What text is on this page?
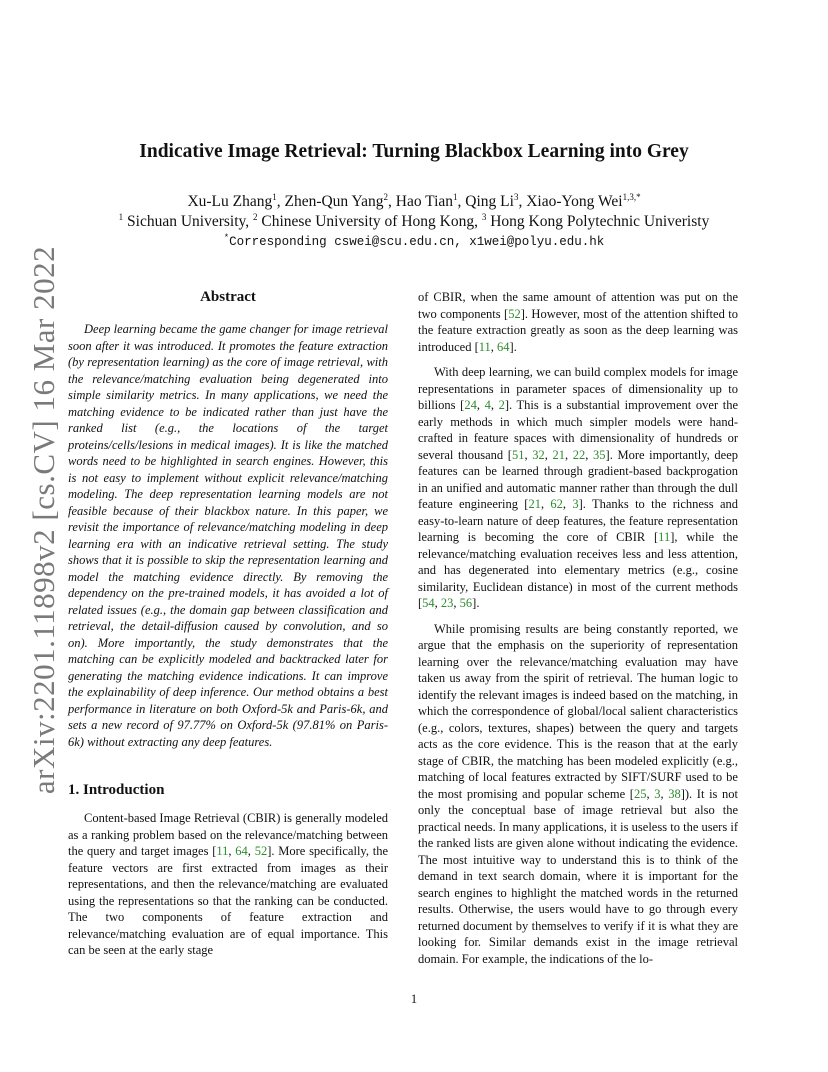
arXiv:2201.11898v2 [cs.CV] 16 Mar 2022
Indicative Image Retrieval: Turning Blackbox Learning into Grey
Xu-Lu Zhang$^1$, Zhen-Qun Yang$^2$, Hao Tian$^1$, Qing Li$^3$, Xiao-Yong Wei$^{1,3,*}$
$^1$ Sichuan University, $^2$ Chinese University of Hong Kong, $^3$ Hong Kong Polytechnic Univeristy
*Corresponding cswei@scu.edu.cn, x1wei@polyu.edu.hk
Abstract

Deep learning became the game changer for image retrieval soon after it was introduced. It promotes the feature extraction (by representation learning) as the core of image retrieval, with the relevance/matching evaluation being degenerated into simple similarity metrics. In many applications, we need the matching evidence to be indicated rather than just have the ranked list (e.g., the locations of the target proteins/cells/lesions in medical images). It is like the matched words need to be highlighted in search engines. However, this is not easy to implement without explicit relevance/matching modeling. The deep representation learning models are not feasible because of their blackbox nature. In this paper, we revisit the importance of relevance/matching modeling in deep learning era with an indicative retrieval setting. The study shows that it is possible to skip the representation learning and model the matching evidence directly. By removing the dependency on the pre-trained models, it has avoided a lot of related issues (e.g., the domain gap between classification and retrieval, the detail-diffusion caused by convolution, and so on). More importantly, the study demonstrates that the matching can be explicitly modeled and backtracked later for generating the matching evidence indications. It can improve the explainability of deep inference. Our method obtains a best performance in literature on both Oxford-5k and Paris-6k, and sets a new record of 97.77% on Oxford-5k (97.81% on Paris-6k) without extracting any deep features.

1. Introduction

Content-based Image Retrieval (CBIR) is generally modeled as a ranking problem based on the relevance/matching between the query and target images [11, 64, 52]. More specifically, the feature vectors are first extracted from images as their representations, and then the relevance/matching are evaluated using the representations so that the ranking can be conducted. The two components of feature extraction and relevance/matching evaluation are of equal importance. This can be seen at the early stage

of CBIR, when the same amount of attention was put on the two components [52]. However, most of the attention shifted to the feature extraction greatly as soon as the deep learning was introduced [11, 64].

With deep learning, we can build complex models for image representations in parameter spaces of dimensionality up to billions [24, 4, 2]. This is a substantial improvement over the early methods in which much simpler models were hand-crafted in feature spaces with dimensionality of hundreds or several thousand [51, 32, 21, 22, 35]. More importantly, deep features can be learned through gradient-based backprogation in an unified and automatic manner rather than through the dull feature engineering [21, 62, 3]. Thanks to the richness and easy-to-learn nature of deep features, the feature representation learning is becoming the core of CBIR [11], while the relevance/matching evaluation receives less and less attention, and has degenerated into elementary metrics (e.g., cosine similarity, Euclidean distance) in most of the current methods [54, 23, 56].

While promising results are being constantly reported, we argue that the emphasis on the superiority of representation learning over the relevance/matching evaluation may have taken us away from the spirit of retrieval. The human logic to identify the relevant images is indeed based on the matching, in which the correspondence of global/local salient characteristics (e.g., colors, textures, shapes) between the query and targets acts as the core evidence. This is the reason that at the early stage of CBIR, the matching has been modeled explicitly (e.g., matching of local features extracted by SIFT/SURF used to be the most promising and popular scheme [25, 3, 38]). It is not only the conceptual base of image retrieval but also the practical needs. In many applications, it is useless to the users if the ranked lists are given alone without indicating the evidence. The most intuitive way to understand this is to think of the demand in text search domain, where it is important for the search engines to highlight the matched words in the returned results. Otherwise, the users would have to go through every returned document by themselves to verify if it is what they are looking for. Similar demands exist in the image retrieval domain. For example, the indications of the lo-

1
